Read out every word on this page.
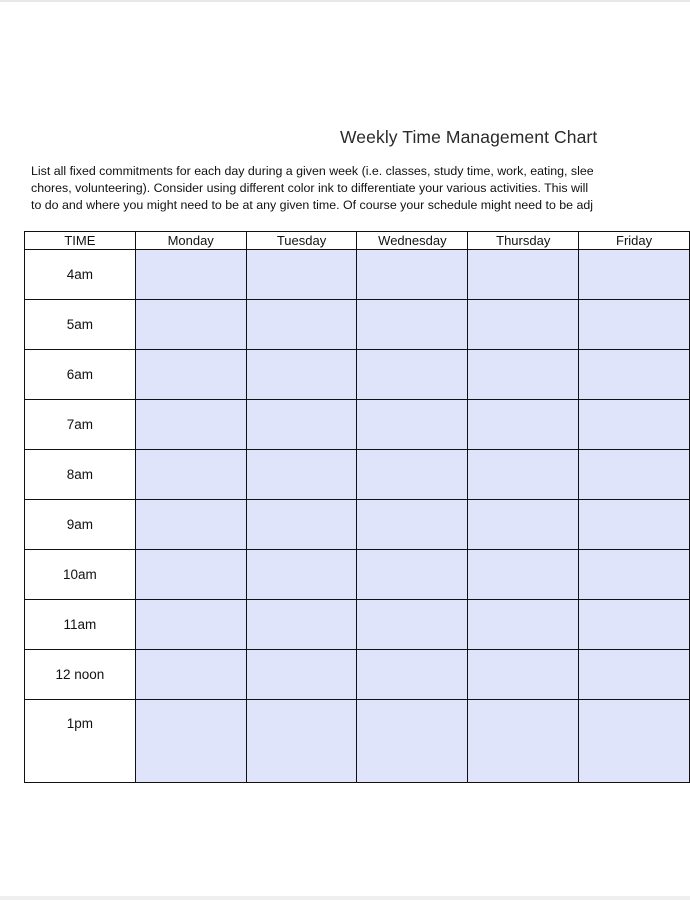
Weekly Time Management Chart
List all fixed commitments for each day during a given week (i.e. classes, study time, work, eating, slee
chores, volunteering). Consider using different color ink to differentiate your various activities. This will
to do and where you might need to be at any given time. Of course your schedule might need to be adj
TIME	Monday	Tuesday	Wednesday	Thursday	Friday
4am					
5am					
6am					
7am					
8am					
9am					
10am					
11am					
12 noon					
1pm					
